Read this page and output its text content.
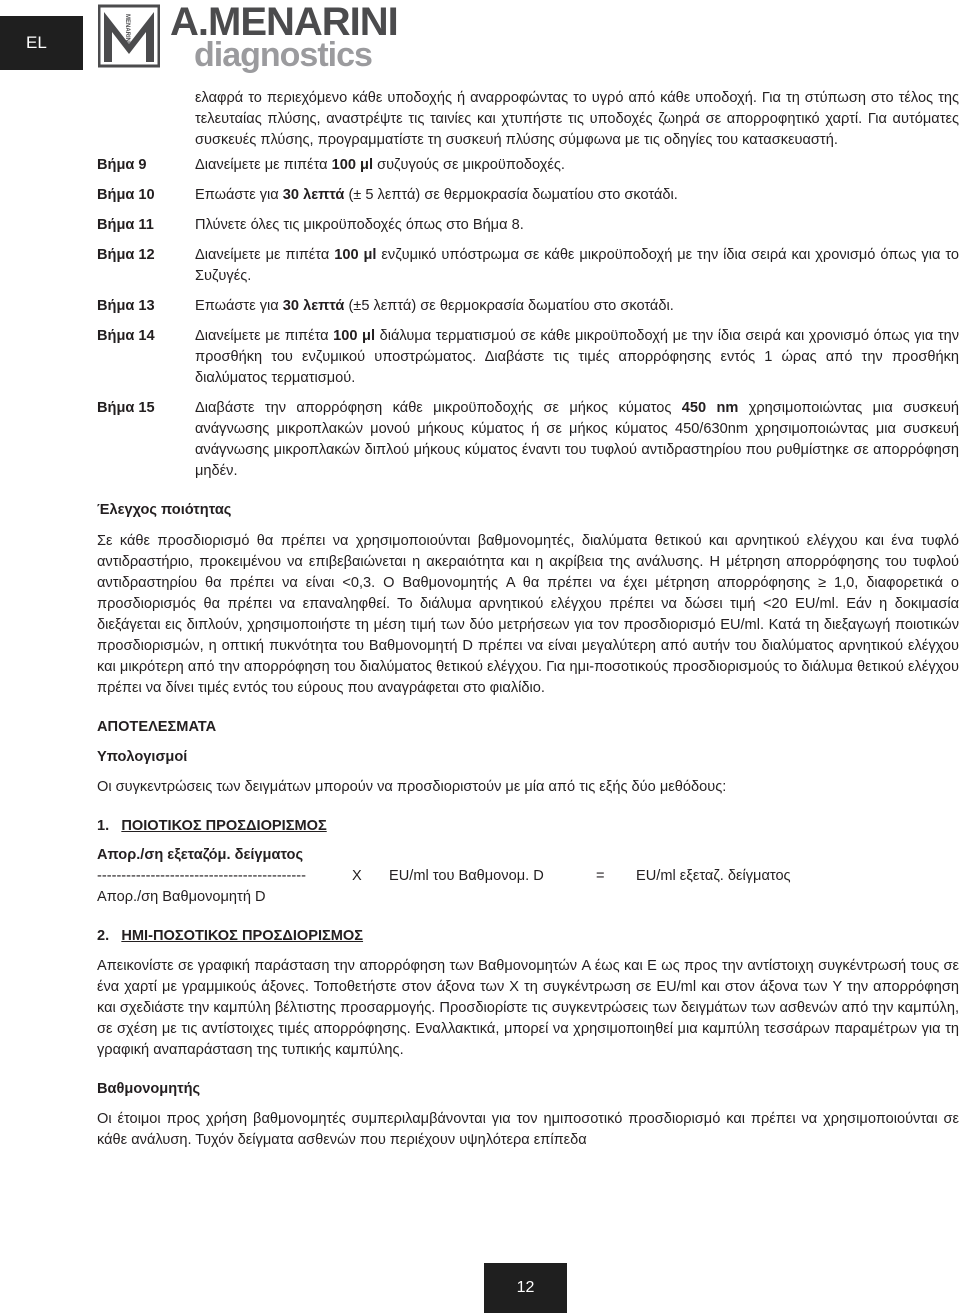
EL	MENARINI A.MENARINI
diagnostics
ελαφρά το περιεχόμενο κάθε υποδοχής ή αναρροφώντας το υγρό από κάθε υποδοχή. Για τη στύπωση στο τέλος της τελευταίας πλύσης, αναστρέψτε τις ταινίες και χτυπήστε τις υποδοχές ζωηρά σε απορροφητικό χαρτί. Για αυτόματες συσκευές πλύσης, προγραμματίστε τη συσκευή πλύσης σύμφωνα με τις οδηγίες του κατασκευαστή.
Βήμα 9	Διανείμετε με πιπέτα 100 μl συζυγούς σε μικροϋποδοχές.
Βήμα 10	Επωάστε για 30 λεπτά (± 5 λεπτά) σε θερμοκρασία δωματίου στο σκοτάδι.
Βήμα 11	Πλύνετε όλες τις μικροϋποδοχές όπως στο Βήμα 8.
Βήμα 12	Διανείμετε με πιπέτα 100 μl ενζυμικό υπόστρωμα σε κάθε μικροϋποδοχή με την ίδια σειρά και χρονισμό όπως για το Συζυγές.
Βήμα 13	Επωάστε για 30 λεπτά (±5 λεπτά) σε θερμοκρασία δωματίου στο σκοτάδι.
Βήμα 14	Διανείμετε με πιπέτα 100 μl διάλυμα τερματισμού σε κάθε μικροϋποδοχή με την ίδια σειρά και χρονισμό όπως για την προσθήκη του ενζυμικού υποστρώματος. Διαβάστε τις τιμές απορρόφησης εντός 1 ώρας από την προσθήκη διαλύματος τερματισμού.
Βήμα 15	Διαβάστε την απορρόφηση κάθε μικροϋποδοχής σε μήκος κύματος 450 nm χρησιμοποιώντας μια συσκευή ανάγνωσης μικροπλακών μονού μήκους κύματος ή σε μήκος κύματος 450/630nm χρησιμοποιώντας μια συσκευή ανάγνωσης μικροπλακών διπλού μήκους κύματος έναντι του τυφλού αντιδραστηρίου που ρυθμίστηκε σε απορρόφηση μηδέν.
Έλεγχος ποιότητας
Σε κάθε προσδιορισμό θα πρέπει να χρησιμοποιούνται βαθμονομητές, διαλύματα θετικού και αρνητικού ελέγχου και ένα τυφλό αντιδραστήριο, προκειμένου να επιβεβαιώνεται η ακεραιότητα και η ακρίβεια της ανάλυσης. Η μέτρηση απορρόφησης του τυφλού αντιδραστηρίου θα πρέπει να είναι <0,3. Ο Βαθμονομητής A θα πρέπει να έχει μέτρηση απορρόφησης ≥ 1,0, διαφορετικά ο προσδιορισμός θα πρέπει να επαναληφθεί. Το διάλυμα αρνητικού ελέγχου πρέπει να δώσει τιμή <20 EU/ml. Εάν η δοκιμασία διεξάγεται εις διπλούν, χρησιμοποιήστε τη μέση τιμή των δύο μετρήσεων για τον προσδιορισμό EU/ml. Κατά τη διεξαγωγή ποιοτικών προσδιορισμών, η οπτική πυκνότητα του Βαθμονομητή D πρέπει να είναι μεγαλύτερη από αυτήν του διαλύματος αρνητικού ελέγχου και μικρότερη από την απορρόφηση του διαλύματος θετικού ελέγχου. Για ημι-ποσοτικούς προσδιορισμούς το διάλυμα θετικού ελέγχου πρέπει να δίνει τιμές εντός του εύρους που αναγράφεται στο φιαλίδιο.
ΑΠΟΤΕΛΕΣΜΑΤΑ
Υπολογισμοί
Οι συγκεντρώσεις των δειγμάτων μπορούν να προσδιοριστούν με μία από τις εξής δύο μεθόδους:
1. ΠΟΙΟΤΙΚΟΣ ΠΡΟΣΔΙΟΡΙΣΜΟΣ
Απορ./ση εξεταζόμ. δείγματος
-------------------------------------------	X	EU/ml του Βαθμονομ. D	=	EU/ml εξεταζ. δείγματος
Απορ./ση Βαθμονομητή D
2. ΗΜΙ-ΠΟΣΟΤΙΚΟΣ ΠΡΟΣΔΙΟΡΙΣΜΟΣ
Απεικονίστε σε γραφική παράσταση την απορρόφηση των Βαθμονομητών A έως και E ως προς την αντίστοιχη συγκέντρωσή τους σε ένα χαρτί με γραμμικούς άξονες. Τοποθετήστε στον άξονα των X τη συγκέντρωση σε EU/ml και στον άξονα των Y την απορρόφηση και σχεδιάστε την καμπύλη βέλτιστης προσαρμογής. Προσδιορίστε τις συγκεντρώσεις των δειγμάτων των ασθενών από την καμπύλη, σε σχέση με τις αντίστοιχες τιμές απορρόφησης. Εναλλακτικά, μπορεί να χρησιμοποιηθεί μια καμπύλη τεσσάρων παραμέτρων για τη γραφική αναπαράσταση της τυπικής καμπύλης.
Βαθμονομητής
Οι έτοιμοι προς χρήση βαθμονομητές συμπεριλαμβάνονται για τον ημιποσοτικό προσδιορισμό και πρέπει να χρησιμοποιούνται σε κάθε ανάλυση. Τυχόν δείγματα ασθενών που περιέχουν υψηλότερα επίπεδα
12
